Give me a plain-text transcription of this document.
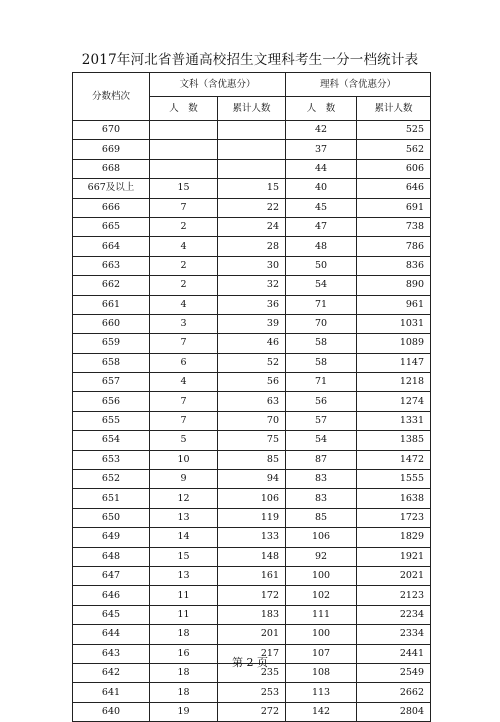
2017年河北省普通高校招生文理科考生一分一档统计表
分数档次	文科（含优惠分）		理科（含优惠分）	
	人　数	累计人数	人　数	累计人数
670			42	525
669			37	562
668			44	606
667及以上	15	15	40	646
666	7	22	45	691
665	2	24	47	738
664	4	28	48	786
663	2	30	50	836
662	2	32	54	890
661	4	36	71	961
660	3	39	70	1031
659	7	46	58	1089
658	6	52	58	1147
657	4	56	71	1218
656	7	63	56	1274
655	7	70	57	1331
654	5	75	54	1385
653	10	85	87	1472
652	9	94	83	1555
651	12	106	83	1638
650	13	119	85	1723
649	14	133	106	1829
648	15	148	92	1921
647	13	161	100	2021
646	11	172	102	2123
645	11	183	111	2234
644	18	201	100	2334
643	16	217	107	2441
642	18	235	108	2549
641	18	253	113	2662
640	19	272	142	2804
第 2 页
